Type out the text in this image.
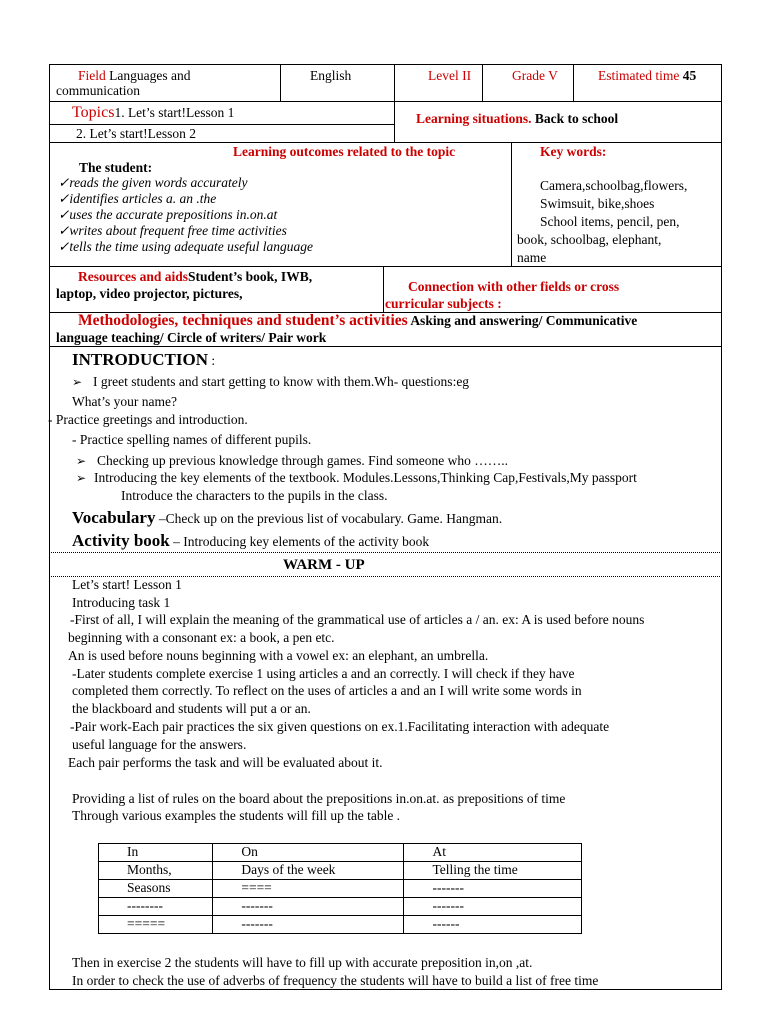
Field Languages and
communication
English	Level II	Grade V	Estimated time 45
Topics1. Let’s start!Lesson 1
2. Let’s start!Lesson 2
Learning situations. Back to school
Learning outcomes related to the topic
The student:
✓reads the given words accurately
✓identifies articles a. an .the
✓uses the accurate prepositions in.on.at
✓writes about frequent free time activities
✓tells the time using adequate useful language
Key words:
Camera,schoolbag,flowers,
Swimsuit, bike,shoes
School items, pencil, pen,
book, schoolbag, elephant,
name
Resources and aidsStudent’s book, IWB,
laptop, video projector, pictures,	Connection with other fields or cross
curricular subjects :
Methodologies, techniques and student’s activities Asking and answering/ Communicative
language teaching/ Circle of writers/ Pair work
INTRODUCTION :
➢ I greet students and start getting to know with them.Wh- questions:eg
What’s your name?
- Practice greetings and introduction.
- Practice spelling names of different pupils.
➢ Checking up previous knowledge through games. Find someone who ……..
➢ Introducing the key elements of the textbook. Modules.Lessons,Thinking Cap,Festivals,My passport
Introduce the characters to the pupils in the class.
Vocabulary –Check up on the previous list of vocabulary. Game. Hangman.
Activity book – Introducing key elements of the activity book
WARM - UP
Let’s start! Lesson 1
Introducing task 1
-First of all, I will explain the meaning of the grammatical use of articles a / an. ex: A is used before nouns
beginning with a consonant ex: a book, a pen etc.
An is used before nouns beginning with a vowel ex: an elephant, an umbrella.
-Later students complete exercise 1 using articles a and an correctly. I will check if they have
completed them correctly. To reflect on the uses of articles a and an I will write some words in
the blackboard and students will put a or an.
-Pair work-Each pair practices the six given questions on ex.1.Facilitating interaction with adequate
useful language for the answers.
Each pair performs the task and will be evaluated about it.
Providing a list of rules on the board about the prepositions in.on.at. as prepositions of time
Through various examples the students will fill up the table .
In	On	At
Months,	Days of the week	Telling the time
Seasons	====	-------
--------	-------	-------
=====	-------	------
Then in exercise 2 the students will have to fill up with accurate preposition in,on ,at.
In order to check the use of adverbs of frequency the students will have to build a list of free time
